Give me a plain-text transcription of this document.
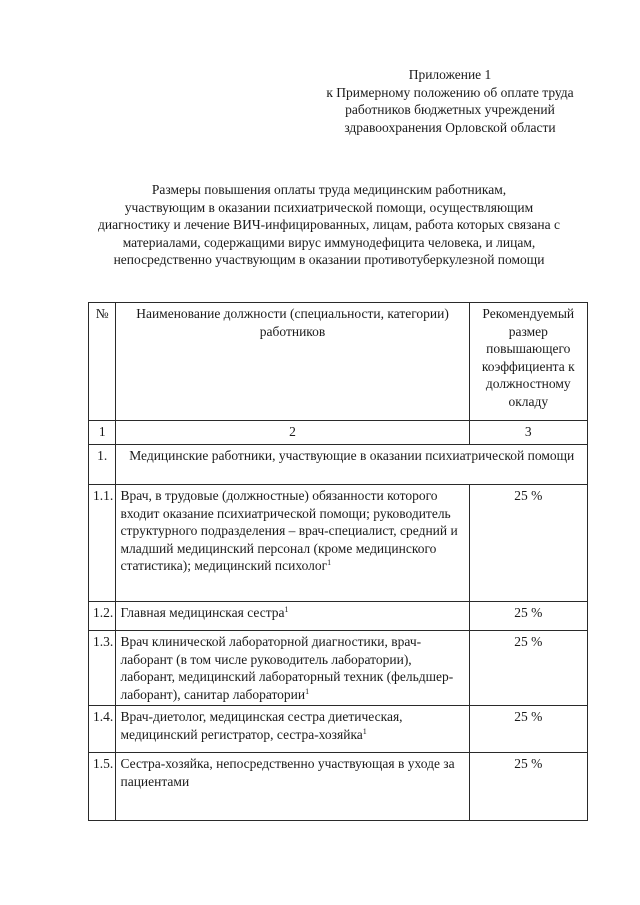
Приложение 1
к Примерному положению об оплате труда
работников бюджетных учреждений
здравоохранения Орловской области
Размеры повышения оплаты труда медицинским работникам,
участвующим в оказании психиатрической помощи, осуществляющим
диагностику и лечение ВИЧ-инфицированных, лицам, работа которых связана с
материалами, содержащими вирус иммунодефицита человека, и лицам,
непосредственно участвующим в оказании противотуберкулезной помощи
№	Наименование должности (специальности, категории) работников	Рекомендуемый размер повышающего коэффициента к должностному окладу
1	2	3
1.	Медицинские работники, участвующие в оказании психиатрической помощи	
1.1.	Врач, в трудовые (должностные) обязанности которого входит оказание психиатрической помощи; руководитель структурного подразделения – врач-специалист, средний и младший медицинский персонал (кроме медицинского статистика); медицинский психолог$^1$	25 %
1.2.	Главная медицинская сестра$^1$	25 %
1.3.	Врач клинической лабораторной диагностики, врач-лаборант (в том числе руководитель лаборатории), лаборант, медицинский лабораторный техник (фельдшер-лаборант), санитар лаборатории$^1$	25 %
1.4.	Врач-диетолог, медицинская сестра диетическая, медицинский регистратор, сестра-хозяйка$^1$	25 %
1.5.	Сестра-хозяйка, непосредственно участвующая в уходе за пациентами	25 %
